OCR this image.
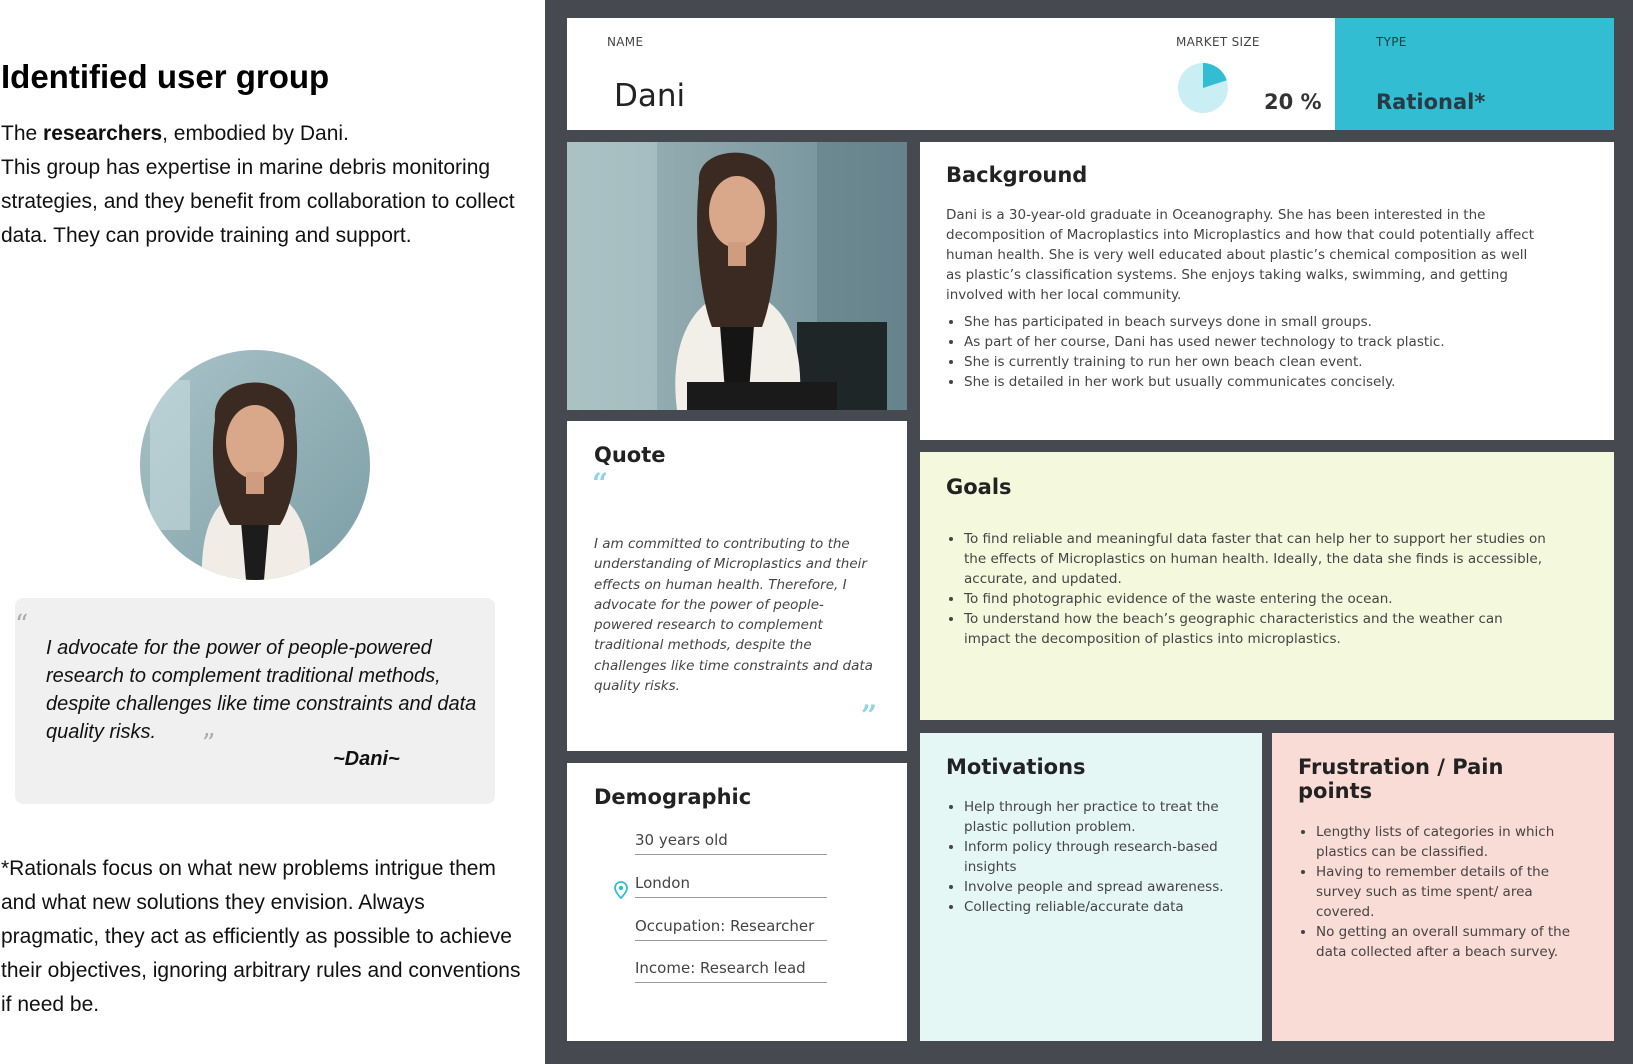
Identified user group
The researchers, embodied by Dani.
This group has expertise in marine debris monitoring strategies, and they benefit from collaboration to collect data. They can provide training and support.
“
I advocate for the power of people-powered research to complement traditional methods, despite challenges like time constraints and data quality risks.	”	~Dani~
*Rationals focus on what new problems intrigue them and what new solutions they envision. Always pragmatic, they act as efficiently as possible to achieve their objectives, ignoring arbitrary rules and conventions if need be.
NAME
Dani
MARKET SIZE
20 %
TYPE
Rational*
Background
Dani is a 30-year-old graduate in Oceanography. She has been interested in the decomposition of Macroplastics into Microplastics and how that could potentially affect human health. She is very well educated about plastic’s chemical composition as well as plastic’s classification systems. She enjoys taking walks, swimming, and getting involved with her local community.
• She has participated in beach surveys done in small groups.
• As part of her course, Dani has used newer technology to track plastic.
• She is currently training to run her own beach clean event.
• She is detailed in her work but usually communicates concisely.
Quote
“
I am committed to contributing to the understanding of Microplastics and their effects on human health. Therefore, I advocate for the power of people-powered research to complement traditional methods, despite the challenges like time constraints and data quality risks.
”
Goals
• To find reliable and meaningful data faster that can help her to support her studies on the effects of Microplastics on human health. Ideally, the data she finds is accessible, accurate, and updated.
• To find photographic evidence of the waste entering the ocean.
• To understand how the beach’s geographic characteristics and the weather can impact the decomposition of plastics into microplastics.
Demographic
30 years old
London
Occupation: Researcher
Income: Research lead
Motivations
• Help through her practice to treat the plastic pollution problem.
• Inform policy through research-based insights
• Involve people and spread awareness.
• Collecting reliable/accurate data
Frustration / Pain points
• Lengthy lists of categories in which plastics can be classified.
• Having to remember details of the survey such as time spent/ area covered.
• No getting an overall summary of the data collected after a beach survey.
